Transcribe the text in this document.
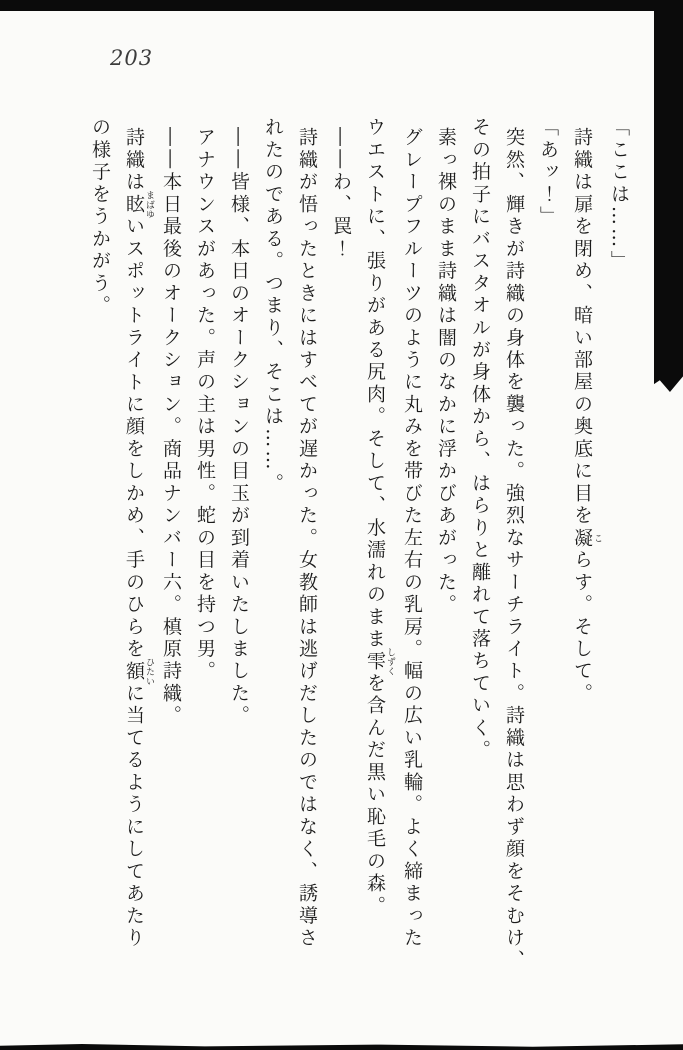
203

「ここは……」

詩織は扉を閉め、暗い部屋の奥底に目を凝 こらす。そして。

「あッ！」

突然、輝きが詩織の身体を襲った。強烈なサーチライト。詩織は思わず顔をそむけ、

その拍子にバスタオルが身体から、はらりと離れて落ちていく。

素っ裸のまま詩織は闇のなかに浮かびあがった。

グレープフルーツのように丸みを帯びた左右の乳房。幅の広い乳輪。よく締まった

ウエストに、張りがある尻肉。そして、水濡れのまま雫 しずくを含んだ黒い恥毛の森。

――わ、罠！

詩織が悟ったときにはすべてが遅かった。女教師は逃げだしたのではなく、誘導さ

れたのである。つまり、そこは……。

――皆様、本日のオークションの目玉が到着いたしました。

アナウンスがあった。声の主は男性。蛇の目を持つ男。

――本日最後のオークション。商品ナンバー六。槙原詩織。

詩織は眩 まばゆいスポットライトに顔をしかめ、手のひらを額 ひたいに当てるようにしてあたり

の様子をうかがう。
